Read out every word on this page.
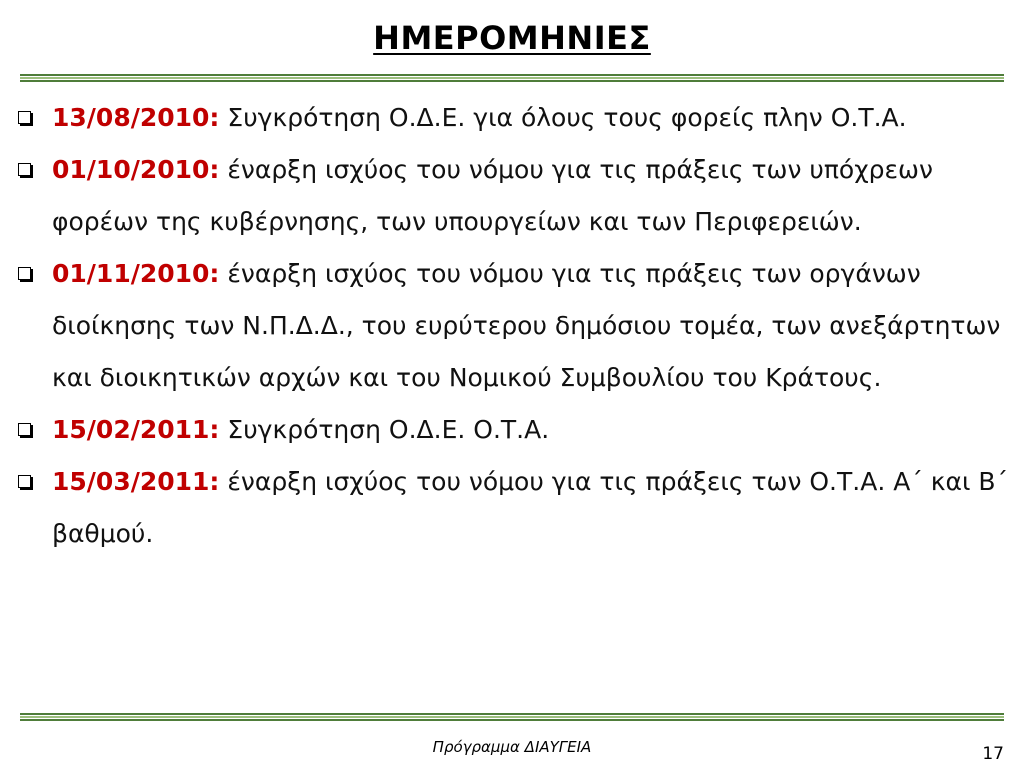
ΗΜΕΡΟΜΗΝΙΕΣ
13/08/2010: Συγκρότηση Ο.Δ.Ε. για όλους τους φορείς πλην Ο.Τ.Α.
01/10/2010: έναρξη ισχύος του νόμου για τις πράξεις των υπόχρεων φορέων της κυβέρνησης, των υπουργείων και των Περιφερειών.
01/11/2010: έναρξη ισχύος του νόμου για τις πράξεις των οργάνων διοίκησης των Ν.Π.Δ.Δ., του ευρύτερου δημόσιου τομέα, των ανεξάρτητων και διοικητικών αρχών και του Νομικού Συμβουλίου του Κράτους.
15/02/2011: Συγκρότηση Ο.Δ.Ε. Ο.Τ.Α.
15/03/2011: έναρξη ισχύος του νόμου για τις πράξεις των Ο.Τ.Α. Α΄ και Β΄ βαθμού.
Πρόγραμμα ΔΙΑΥΓΕΙΑ	17
